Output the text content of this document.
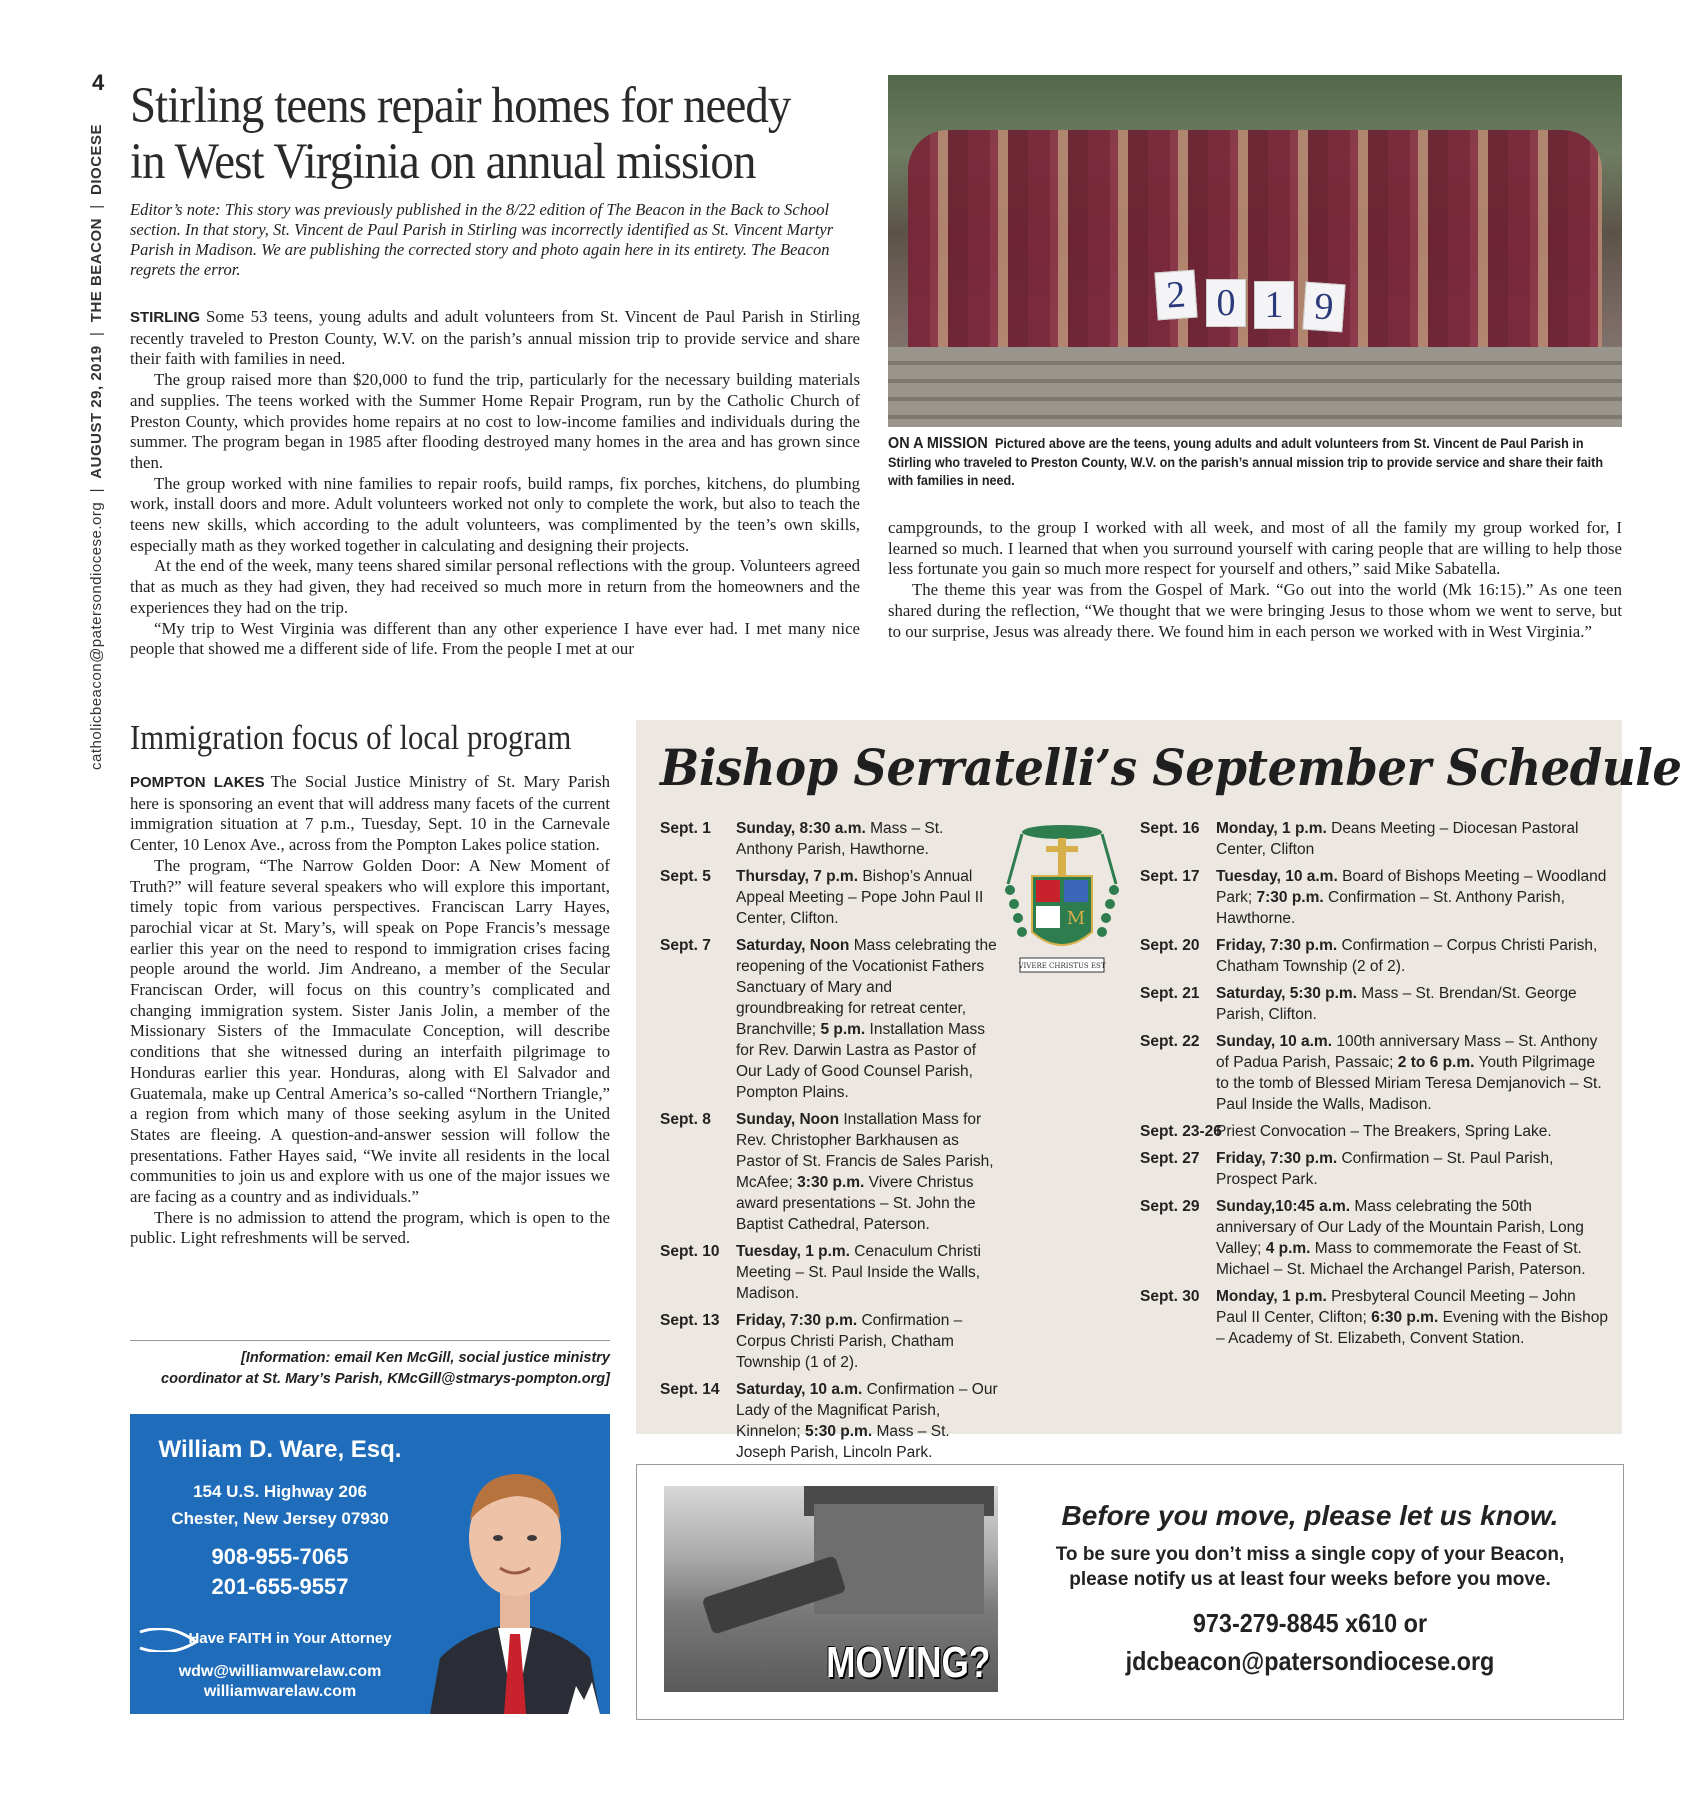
4
catholicbeacon@patersondiocese.org  |  AUGUST 29, 2019  |  THE BEACON  |  DIOCESE
Stirling teens repair homes for needy
in West Virginia on annual mission
Editor’s note: This story was previously published in the 8/22 edition of The Beacon in the Back to School section. In that story, St. Vincent de Paul Parish in Stirling was incorrectly identified as St. Vincent Martyr Parish in Madison. We are publishing the corrected story and photo again here in its entirety. The Beacon regrets the error.

STIRLING Some 53 teens, young adults and adult volunteers from St. Vincent de Paul Parish in Stirling recently traveled to Preston County, W.V. on the parish’s annual mission trip to provide service and share their faith with families in need.

The group raised more than $20,000 to fund the trip, particularly for the necessary building materials and supplies. The teens worked with the Summer Home Repair Program, run by the Catholic Church of Preston County, which provides home repairs at no cost to low-income families and individuals during the summer. The program began in 1985 after flooding destroyed many homes in the area and has grown since then.

The group worked with nine families to repair roofs, build ramps, fix porches, kitchens, do plumbing work, install doors and more. Adult volunteers worked not only to complete the work, but also to teach the teens new skills, which according to the adult volunteers, was complimented by the teen’s own skills, especially math as they worked together in calculating and designing their projects.

At the end of the week, many teens shared similar personal reflections with the group. Volunteers agreed that as much as they had given, they had received so much more in return from the homeowners and the experiences they had on the trip.

“My trip to West Virginia was different than any other experience I have ever had. I met many nice people that showed me a different side of life. From the people I met at our

2 0 1 9
ON A MISSION Pictured above are the teens, young adults and adult volunteers from St. Vincent de Paul Parish in Stirling who traveled to Preston County, W.V. on the parish’s annual mission trip to provide service and share their faith with families in need.

campgrounds, to the group I worked with all week, and most of all the family my group worked for, I learned so much. I learned that when you surround yourself with caring people that are willing to help those less fortunate you gain so much more respect for yourself and others,” said Mike Sabatella.

The theme this year was from the Gospel of Mark. “Go out into the world (Mk 16:15).” As one teen shared during the reflection, “We thought that we were bringing Jesus to those whom we went to serve, but to our surprise, Jesus was already there. We found him in each person we worked with in West Virginia.”

Immigration focus of local program

POMPTON LAKES The Social Justice Ministry of St. Mary Parish here is sponsoring an event that will address many facets of the current immigration situation at 7 p.m., Tuesday, Sept. 10 in the Carnevale Center, 10 Lenox Ave., across from the Pompton Lakes police station.

The program, “The Narrow Golden Door: A New Moment of Truth?” will feature several speakers who will explore this important, timely topic from various perspectives. Franciscan Larry Hayes, parochial vicar at St. Mary’s, will speak on Pope Francis’s message earlier this year on the need to respond to immigration crises facing people around the world. Jim Andreano, a member of the Secular Franciscan Order, will focus on this country’s complicated and changing immigration system. Sister Janis Jolin, a member of the Missionary Sisters of the Immaculate Conception, will describe conditions that she witnessed during an interfaith pilgrimage to Honduras earlier this year. Honduras, along with El Salvador and Guatemala, make up Central America’s so-called “Northern Triangle,” a region from which many of those seeking asylum in the United States are fleeing. A question-and-answer session will follow the presentations. Father Hayes said, “We invite all residents in the local communities to join us and explore with us one of the major issues we are facing as a country and as individuals.”

There is no admission to attend the program, which is open to the public. Light refreshments will be served.

[Information: email Ken McGill, social justice ministry
coordinator at St. Mary’s Parish, KMcGill@stmarys-pompton.org]
William D. Ware, Esq.
154 U.S. Highway 206
Chester, New Jersey 07930
908-955-7065
201-655-9557
Have FAITH in Your Attorney
wdw@williamwarelaw.com
williamwarelaw.com
Bishop Serratelli’s September Schedule
M
VIVERE CHRISTUS EST
Sept. 1 Sunday, 8:30 a.m. Mass – St. Anthony Parish, Hawthorne.
Sept. 5 Thursday, 7 p.m. Bishop’s Annual Appeal Meeting – Pope John Paul II Center, Clifton.
Sept. 7 Saturday, Noon Mass celebrating the reopening of the Vocationist Fathers Sanctuary of Mary and groundbreaking for retreat center, Branchville; 5 p.m. Installation Mass for Rev. Darwin Lastra as Pastor of Our Lady of Good Counsel Parish, Pompton Plains.
Sept. 8 Sunday, Noon Installation Mass for Rev. Christopher Barkhausen as Pastor of St. Francis de Sales Parish, McAfee; 3:30 p.m. Vivere Christus award presentations – St. John the Baptist Cathedral, Paterson.
Sept. 10 Tuesday, 1 p.m. Cenaculum Christi Meeting – St. Paul Inside the Walls, Madison.
Sept. 13 Friday, 7:30 p.m. Confirmation – Corpus Christi Parish, Chatham Township (1 of 2).
Sept. 14 Saturday, 10 a.m. Confirmation – Our Lady of the Magnificat Parish, Kinnelon; 5:30 p.m. Mass – St. Joseph Parish, Lincoln Park.
Sept. 16 Monday, 1 p.m. Deans Meeting – Diocesan Pastoral Center, Clifton
Sept. 17 Tuesday, 10 a.m. Board of Bishops Meeting – Woodland Park; 7:30 p.m. Confirmation – St. Anthony Parish, Hawthorne.
Sept. 20 Friday, 7:30 p.m. Confirmation – Corpus Christi Parish, Chatham Township (2 of 2).
Sept. 21 Saturday, 5:30 p.m. Mass – St. Brendan/St. George Parish, Clifton.
Sept. 22 Sunday, 10 a.m. 100th anniversary Mass – St. Anthony of Padua Parish, Passaic; 2 to 6 p.m. Youth Pilgrimage to the tomb of Blessed Miriam Teresa Demjanovich – St. Paul Inside the Walls, Madison.
Sept. 23-26
Priest Convocation – The Breakers, Spring Lake.
Sept. 27 Friday, 7:30 p.m. Confirmation – St. Paul Parish, Prospect Park.
Sept. 29 Sunday,10:45 a.m. Mass celebrating the 50th anniversary of Our Lady of the Mountain Parish, Long Valley; 4 p.m. Mass to commemorate the Feast of St. Michael – St. Michael the Archangel Parish, Paterson.
Sept. 30 Monday, 1 p.m. Presbyteral Council Meeting – John Paul II Center, Clifton; 6:30 p.m. Evening with the Bishop – Academy of St. Elizabeth, Convent Station.
MOVING?
Before you move, please let us know.
To be sure you don’t miss a single copy of your Beacon,
please notify us at least four weeks before you move.
973-279-8845 x610 or
jdcbeacon@patersondiocese.org
